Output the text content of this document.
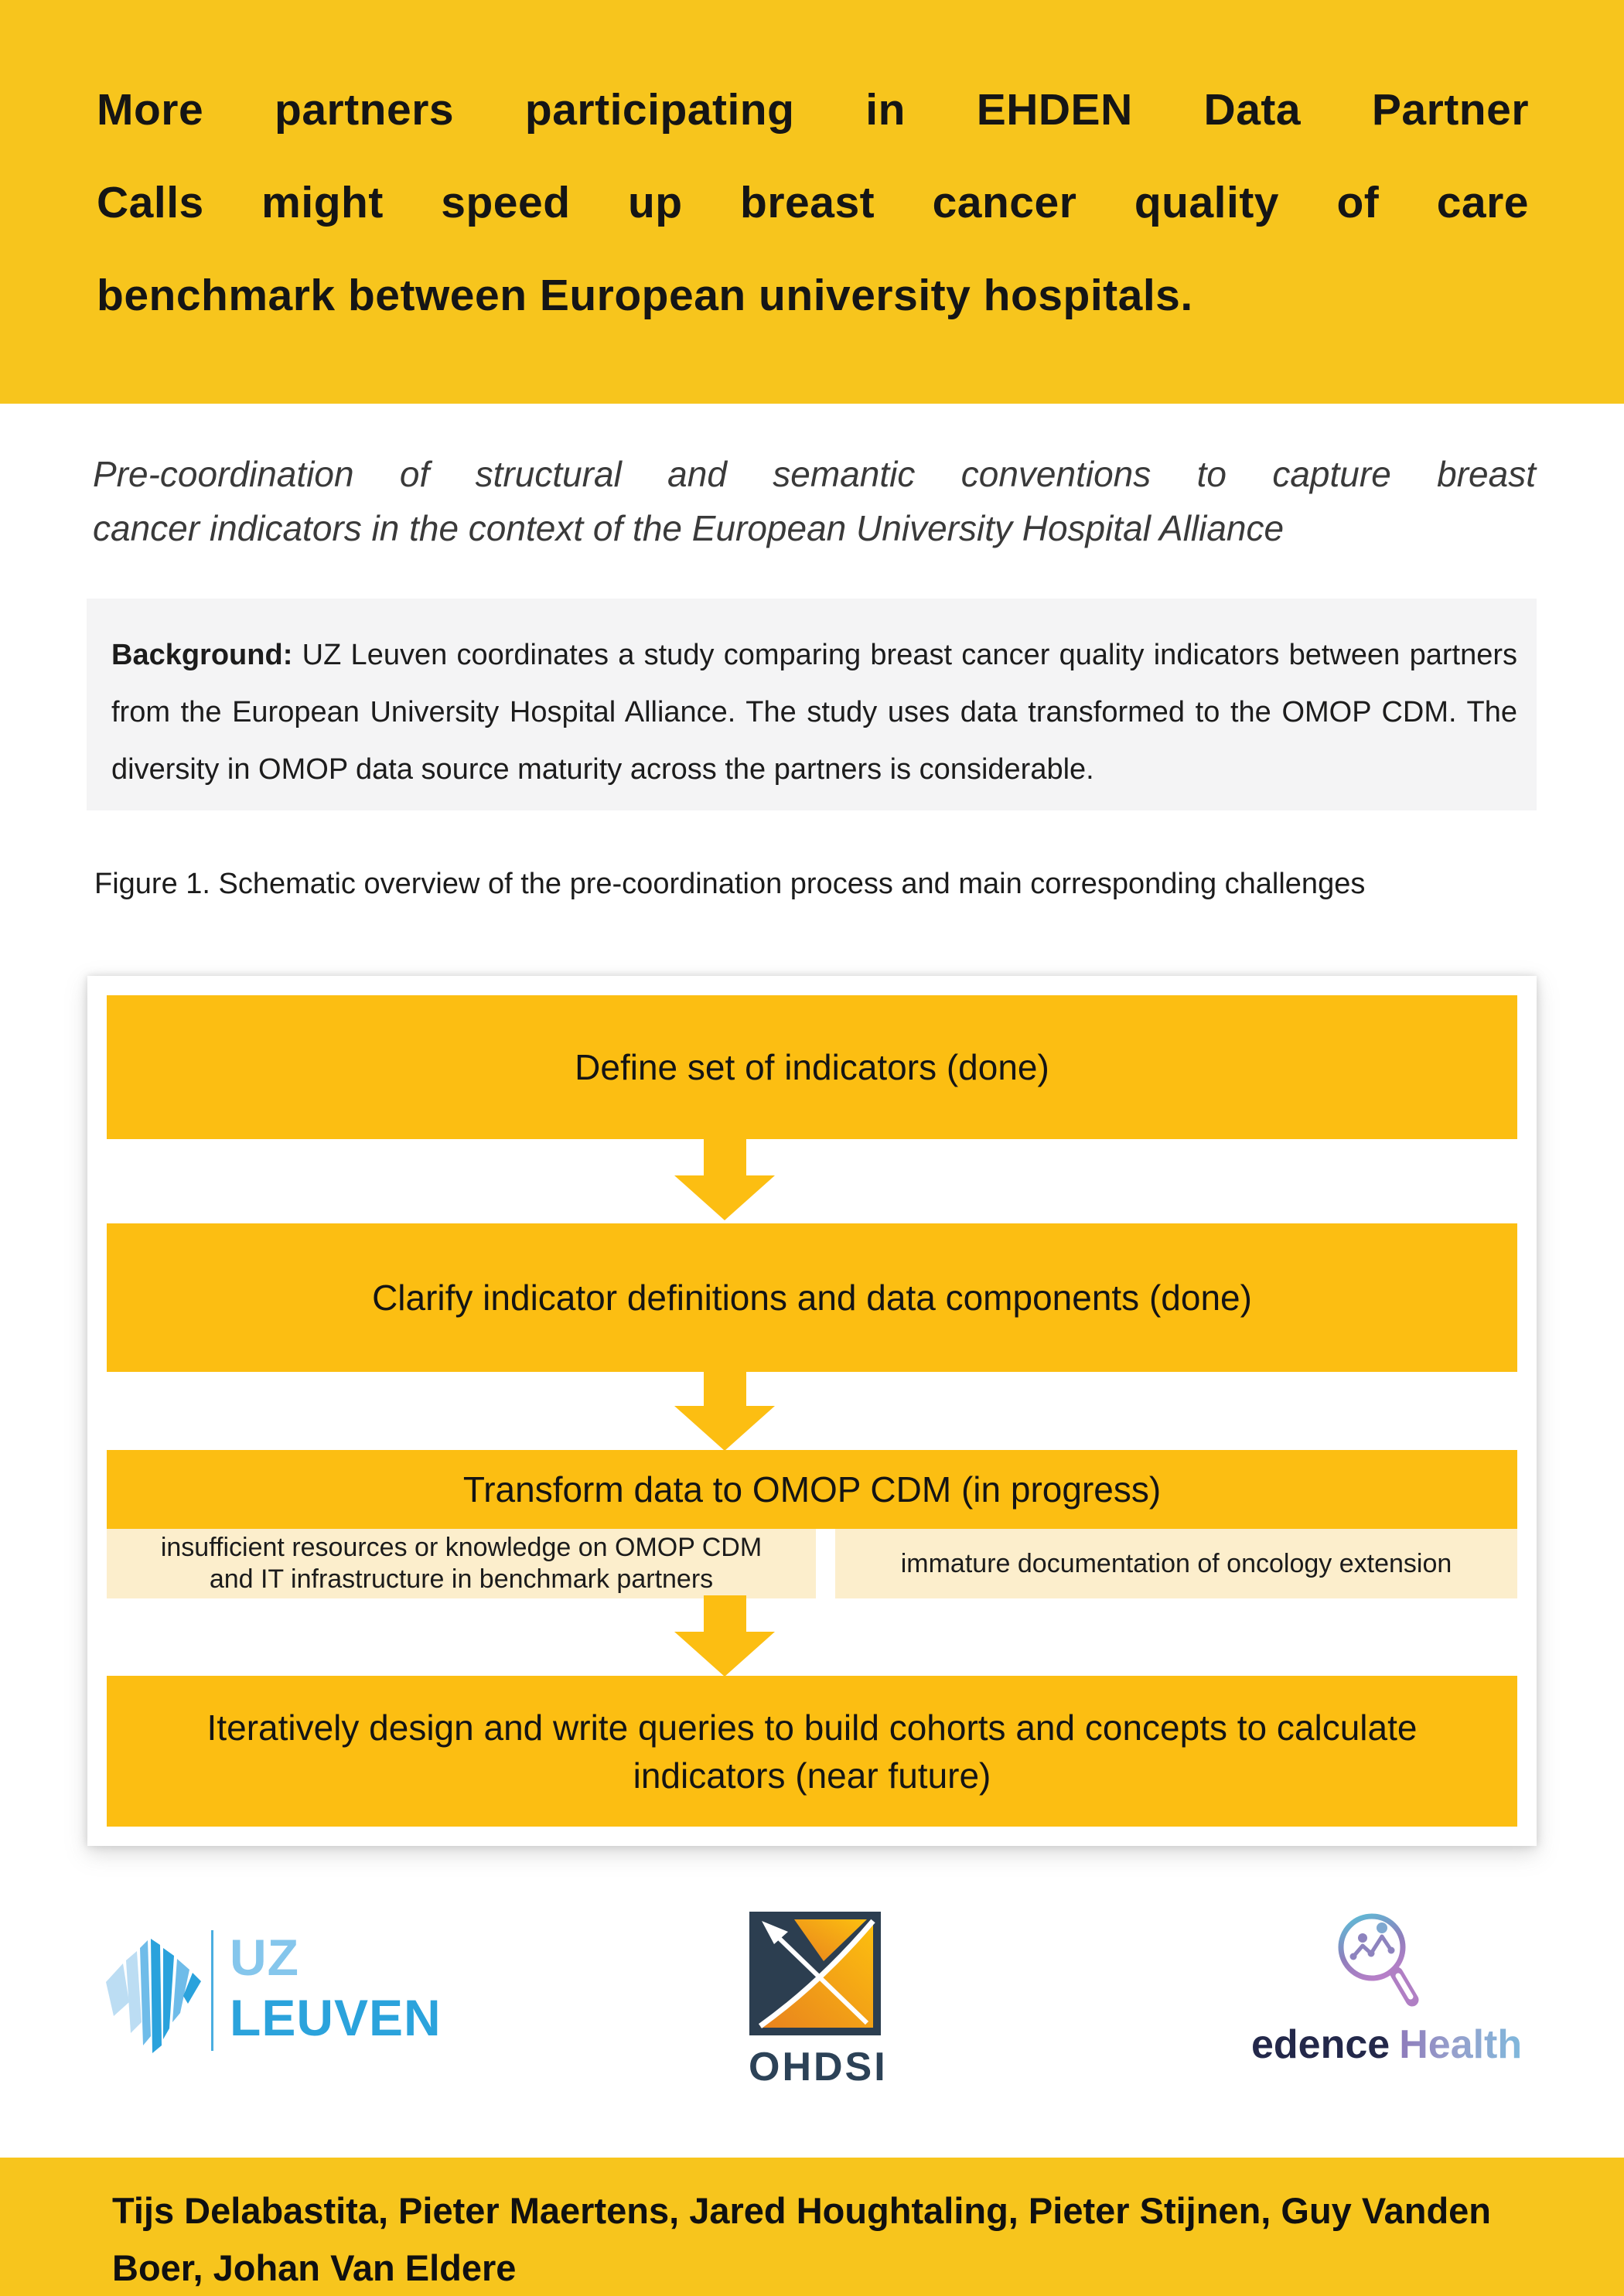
More partners participating in EHDEN Data Partner
Calls might speed up breast cancer quality of care
benchmark between European university hospitals.
Pre-coordination of structural and semantic conventions to capture breast
cancer indicators in the context of the European University Hospital Alliance
Background: UZ Leuven coordinates a study comparing breast cancer quality indicators between partners from the European University Hospital Alliance. The study uses data transformed to the OMOP CDM. The diversity in OMOP data source maturity across the partners is considerable.
Figure 1. Schematic overview of the pre-coordination process and main corresponding challenges
Define set of indicators (done)
Clarify indicator definitions and data components (done)
Transform data to OMOP CDM (in progress)
insufficient resources or knowledge on OMOP CDM and IT infrastructure in benchmark partners
immature documentation of oncology extension
Iteratively design and write queries to build cohorts and concepts to calculate indicators (near future)
UZ
LEUVEN
OHDSI	edence Health
Tijs Delabastita, Pieter Maertens, Jared Houghtaling, Pieter Stijnen, Guy Vanden
Boer, Johan Van Eldere
